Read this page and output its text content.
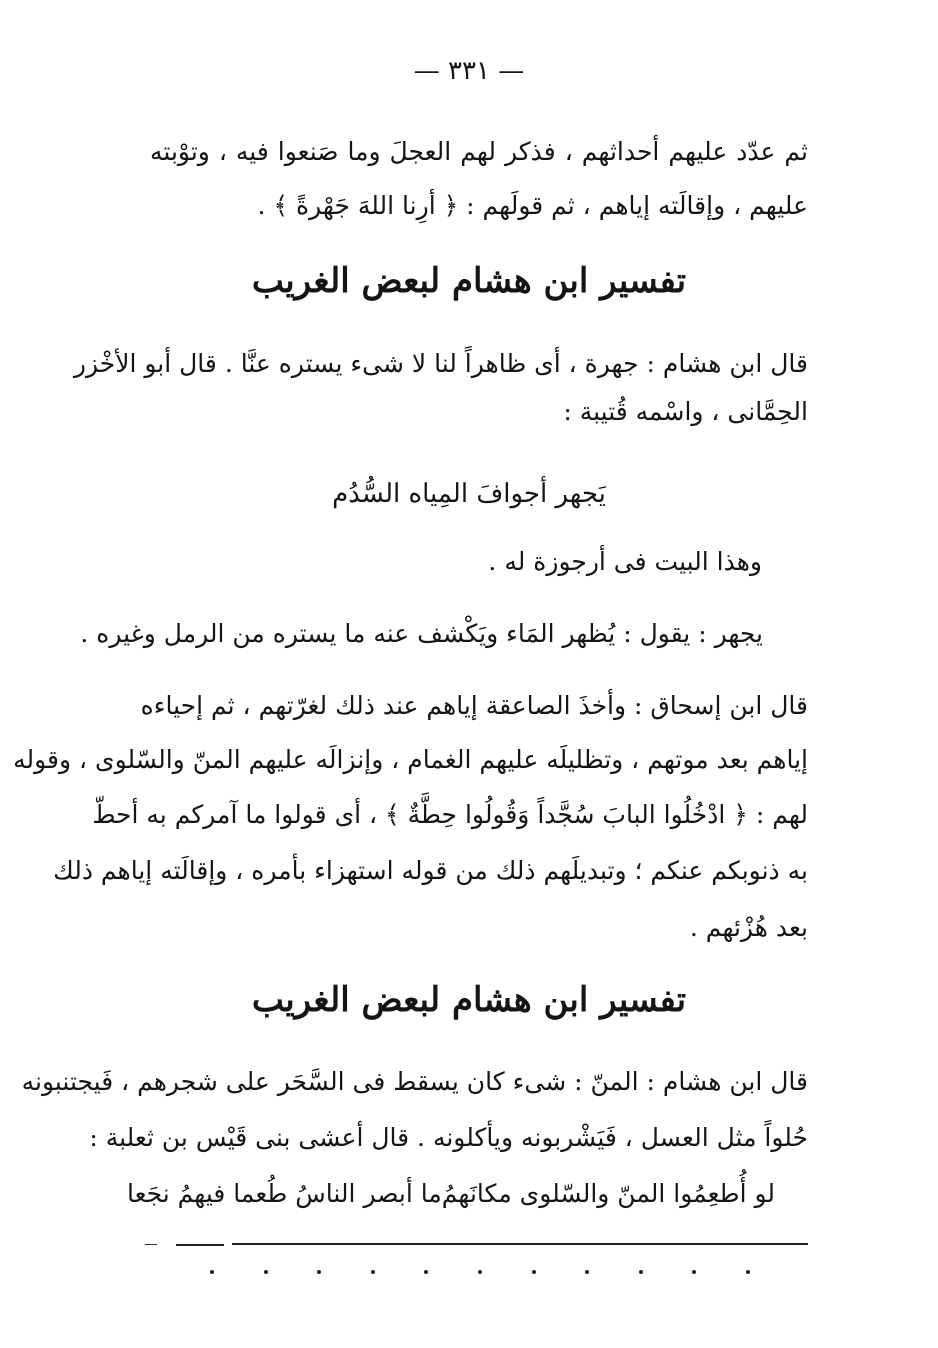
— ٣٣١ —
ثم عدّد عليهم أحداثهم ، فذكر لهم العجلَ وما صَنعوا فيه ، وتوْبته
عليهم ، وإقالَته إياهم ، ثم قولَهم : ﴿ أرِنا اللهَ جَهْرةً ﴾ .
تفسير ابن هشام لبعض الغريب
قال ابن هشام : جهرة ، أى ظاهراً لنا لا شىء يستره عنَّا . قال أبو الأخْزر
الحِمَّانى ، واسْمه قُتيبة :
يَجهر أجوافَ المِياه السُّدُم
وهذا البيت فى أرجوزة له .
يجهر : يقول : يُظهر المَاء ويَكْشف عنه ما يستره من الرمل وغيره .
قال ابن إسحاق : وأخذَ الصاعقة إياهم عند ذلك لغرّتهم ، ثم إحياءه
إياهم بعد موتهم ، وتظليلَه عليهم الغمام ، وإنزالَه عليهم المنّ والسّلوى ، وقوله
لهم : ﴿ ادْخُلُوا البابَ سُجَّداً وَقُولُوا حِطَّةٌ ﴾ ، أى قولوا ما آمركم به أحطّ
به ذنوبكم عنكم ؛ وتبديلَهم ذلك من قوله استهزاء بأمره ، وإقالَته إياهم ذلك
بعد هُزْئهم .
تفسير ابن هشام لبعض الغريب
قال ابن هشام : المنّ : شىء كان يسقط فى السَّحَر على شجرهم ، فَيجتنبونه
حُلواً مثل العسل ، فَيَشْربونه ويأكلونه . قال أعشى بنى قَيْس بن ثعلبة :
لو أُطعِمُوا المنّ والسّلوى مكانَهمُ
ما أبصر الناسُ طُعما فيهمُ نجَعا
